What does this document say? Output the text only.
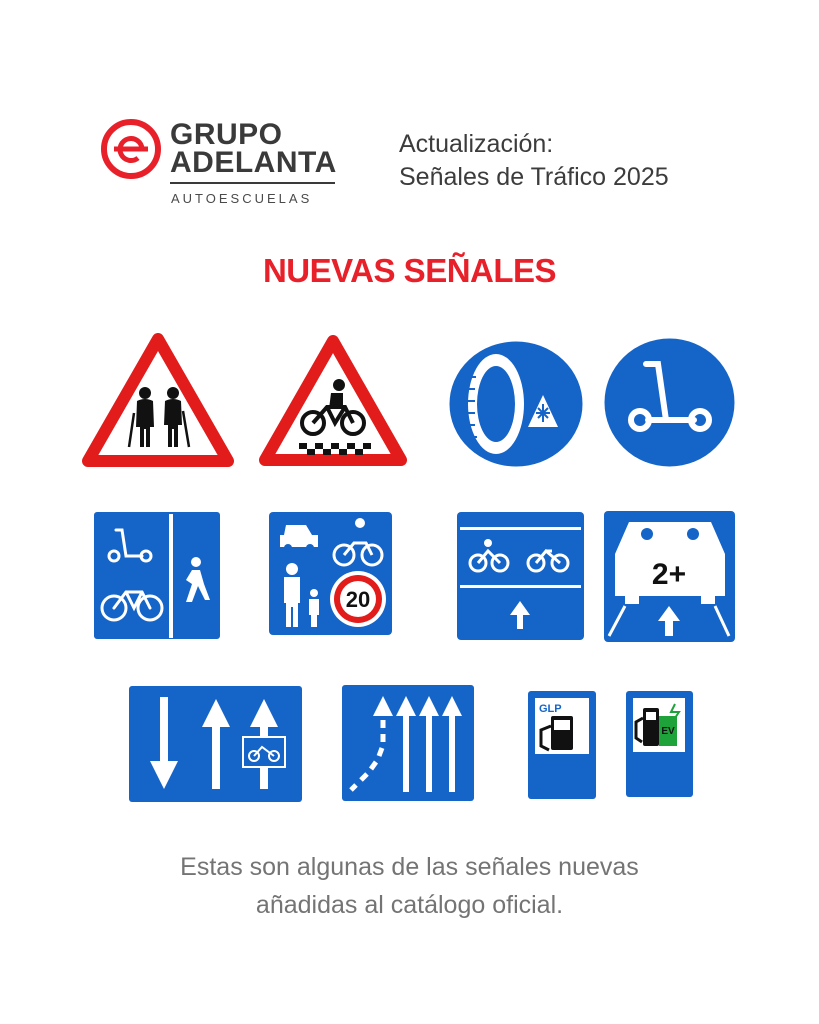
GRUPO
ADELANTA
AUTOESCUELAS
Actualización:
Señales de Tráfico 2025
NUEVAS SEÑALES
20
2+
GLP
EV
Estas son algunas de las señales nuevas
añadidas al catálogo oficial.
